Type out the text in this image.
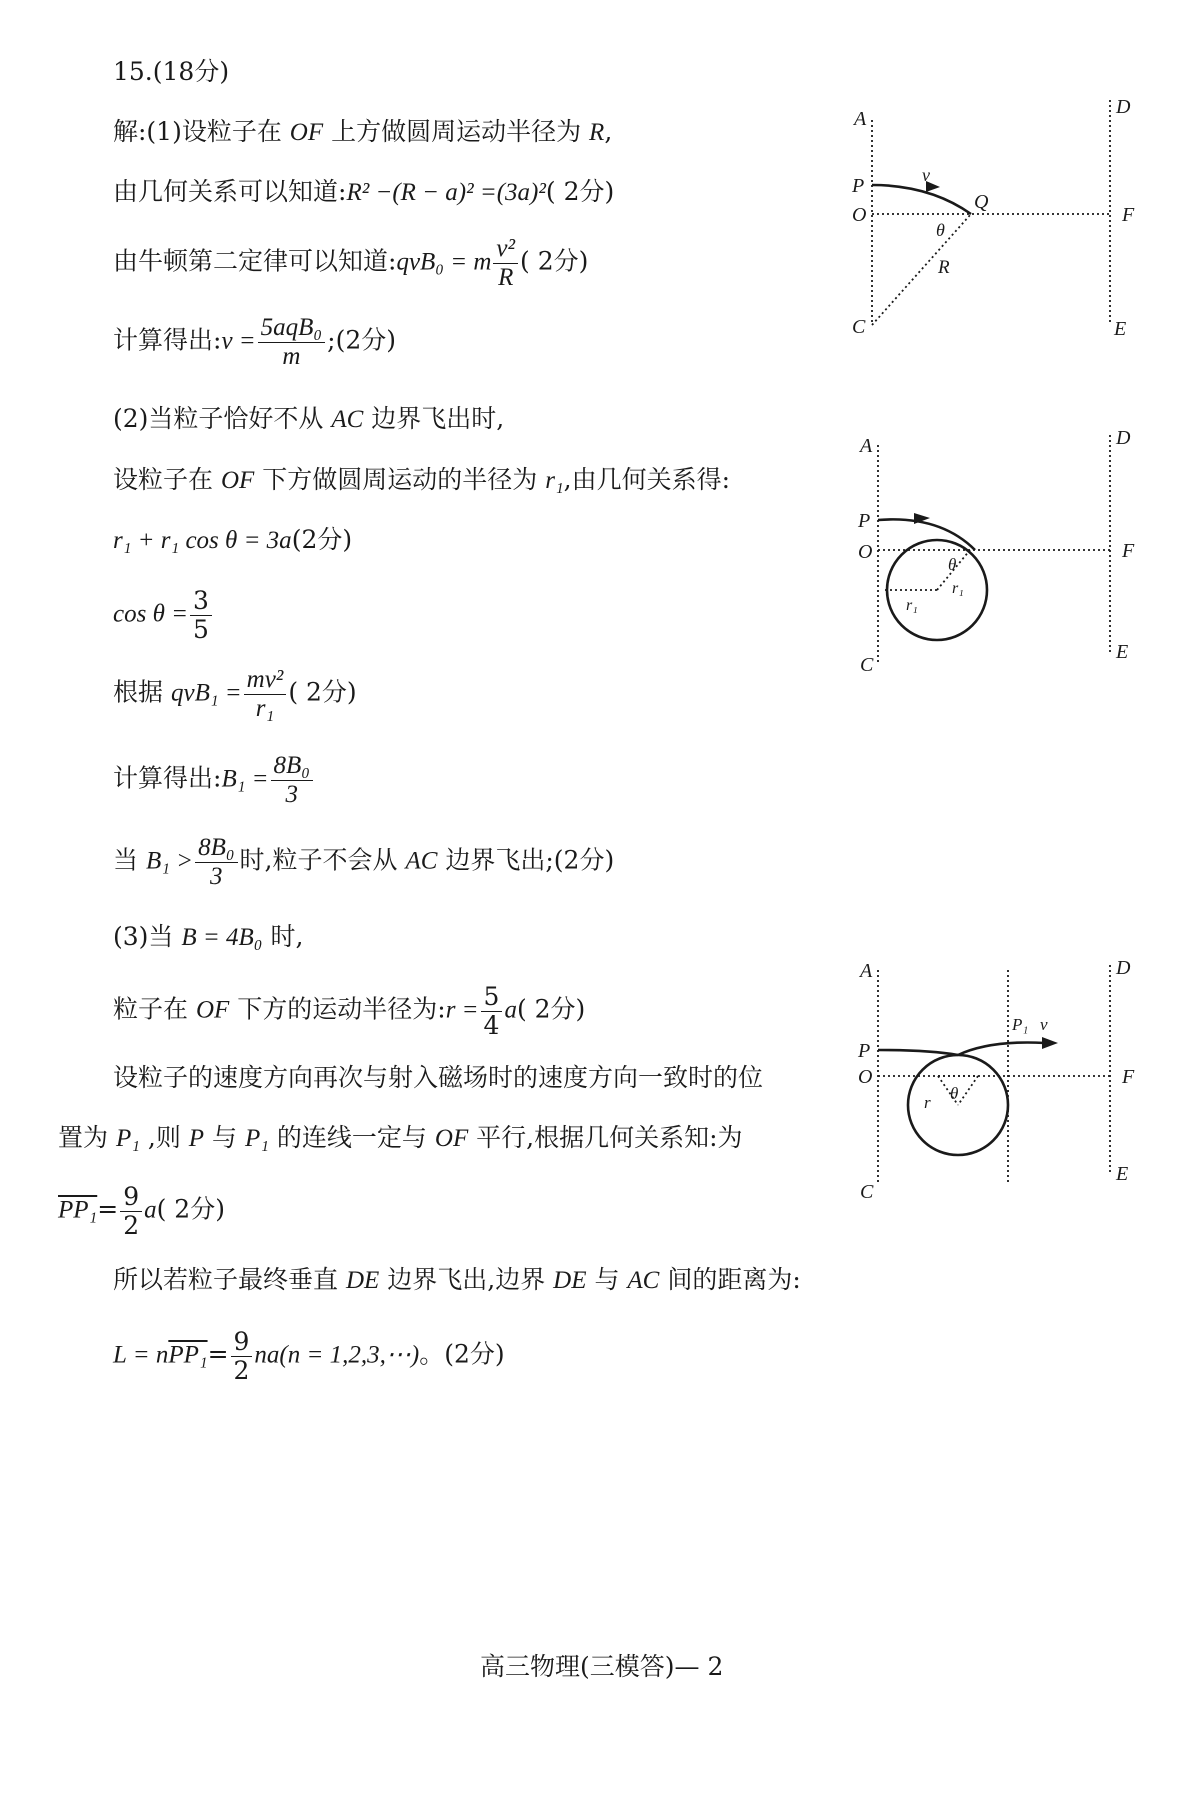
15.(18分)
解:(1)设粒子在 OF 上方做圆周运动半径为 R,
由几何关系可以知道:R² −(R − a)² =(3a)²( 2分)
由牛顿第二定律可以知道:qvB₀ = m $\frac{\text{v²}}{R}$ ( 2分)
计算得出:v = $\frac{\text{5aqB₀}}{m}$ ;(2分)
(2)当粒子恰好不从 AC 边界飞出时,
设粒子在 OF 下方做圆周运动的半径为 r₁,由几何关系得:
r₁ + r₁ cos θ = 3a(2分)
$\cos \theta = \frac{3}{5}$
根据 $qvB_1 = \frac{\text{mv²}}{\text{r₁}}$ ( 2分)
计算得出:B₁ = $\frac{\text{8B₀}}{3}$
当 $B_1 > \frac{\text{8B₀}}{3}$ 时,粒子不会从 AC 边界飞出;(2分)
(3)当 B = 4B₀ 时,
粒子在 OF 下方的运动半径为:r = $\frac{5}{4} a$( 2分)
设粒子的速度方向再次与射入磁场时的速度方向一致时的位
置为 P₁ ,则 P 与 P₁ 的连线一定与 OF 平行,根据几何关系知:为
$PP_1= \frac{9}{2} a$( 2分)
所以若粒子最终垂直 DE 边界飞出,边界 DE 与 AC 间的距离为:
$L = nPP_1= \frac{9}{2} na(n$ = 1,2,3,⋯)。(2分)
A
D
P	v
O
Q
F
θ
R
C	E
A	D
P
O
θ
r₁
r₁
F
C
E
A	D
P₁ v
P
O
r θ
F
C
E
高三物理(三模答)— 2
